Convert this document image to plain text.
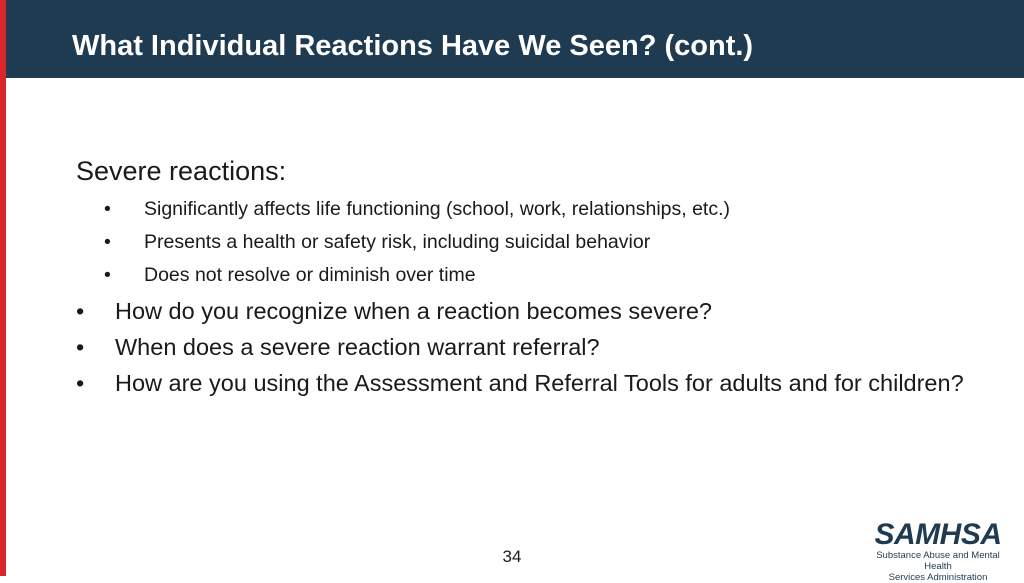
What Individual Reactions Have We Seen? (cont.)

Severe reactions:

• Significantly affects life functioning (school, work, relationships, etc.)
• Presents a health or safety risk, including suicidal behavior
• Does not resolve or diminish over time
• How do you recognize when a reaction becomes severe?
• When does a severe reaction warrant referral?
• How are you using the Assessment and Referral Tools for adults and for children?
34
SAMHSA
Substance Abuse and Mental Health
Services Administration
